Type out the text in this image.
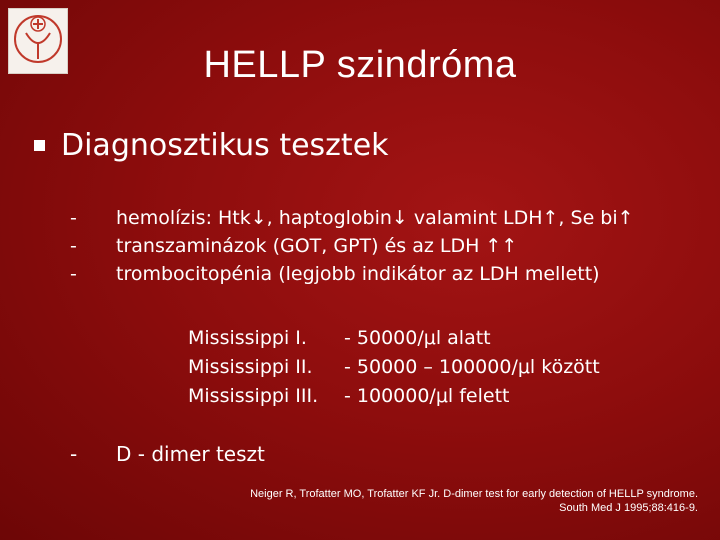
HELLP szindróma
Diagnosztikus tesztek
-	hemolízis: Htk↓, haptoglobin↓ valamint LDH↑, Se bi↑
-	transzaminázok (GOT, GPT) és az LDH ↑↑
-	trombocitopénia (legjobb indikátor az LDH mellett)
Mississippi I.	- 50000/μl alatt
Mississippi II.	- 50000 – 100000/μl között
Mississippi III.	- 100000/μl felett
-	D - dimer teszt
Neiger R, Trofatter MO, Trofatter KF Jr. D-dimer test for early detection of HELLP syndrome.
South Med J 1995;88:416-9.
